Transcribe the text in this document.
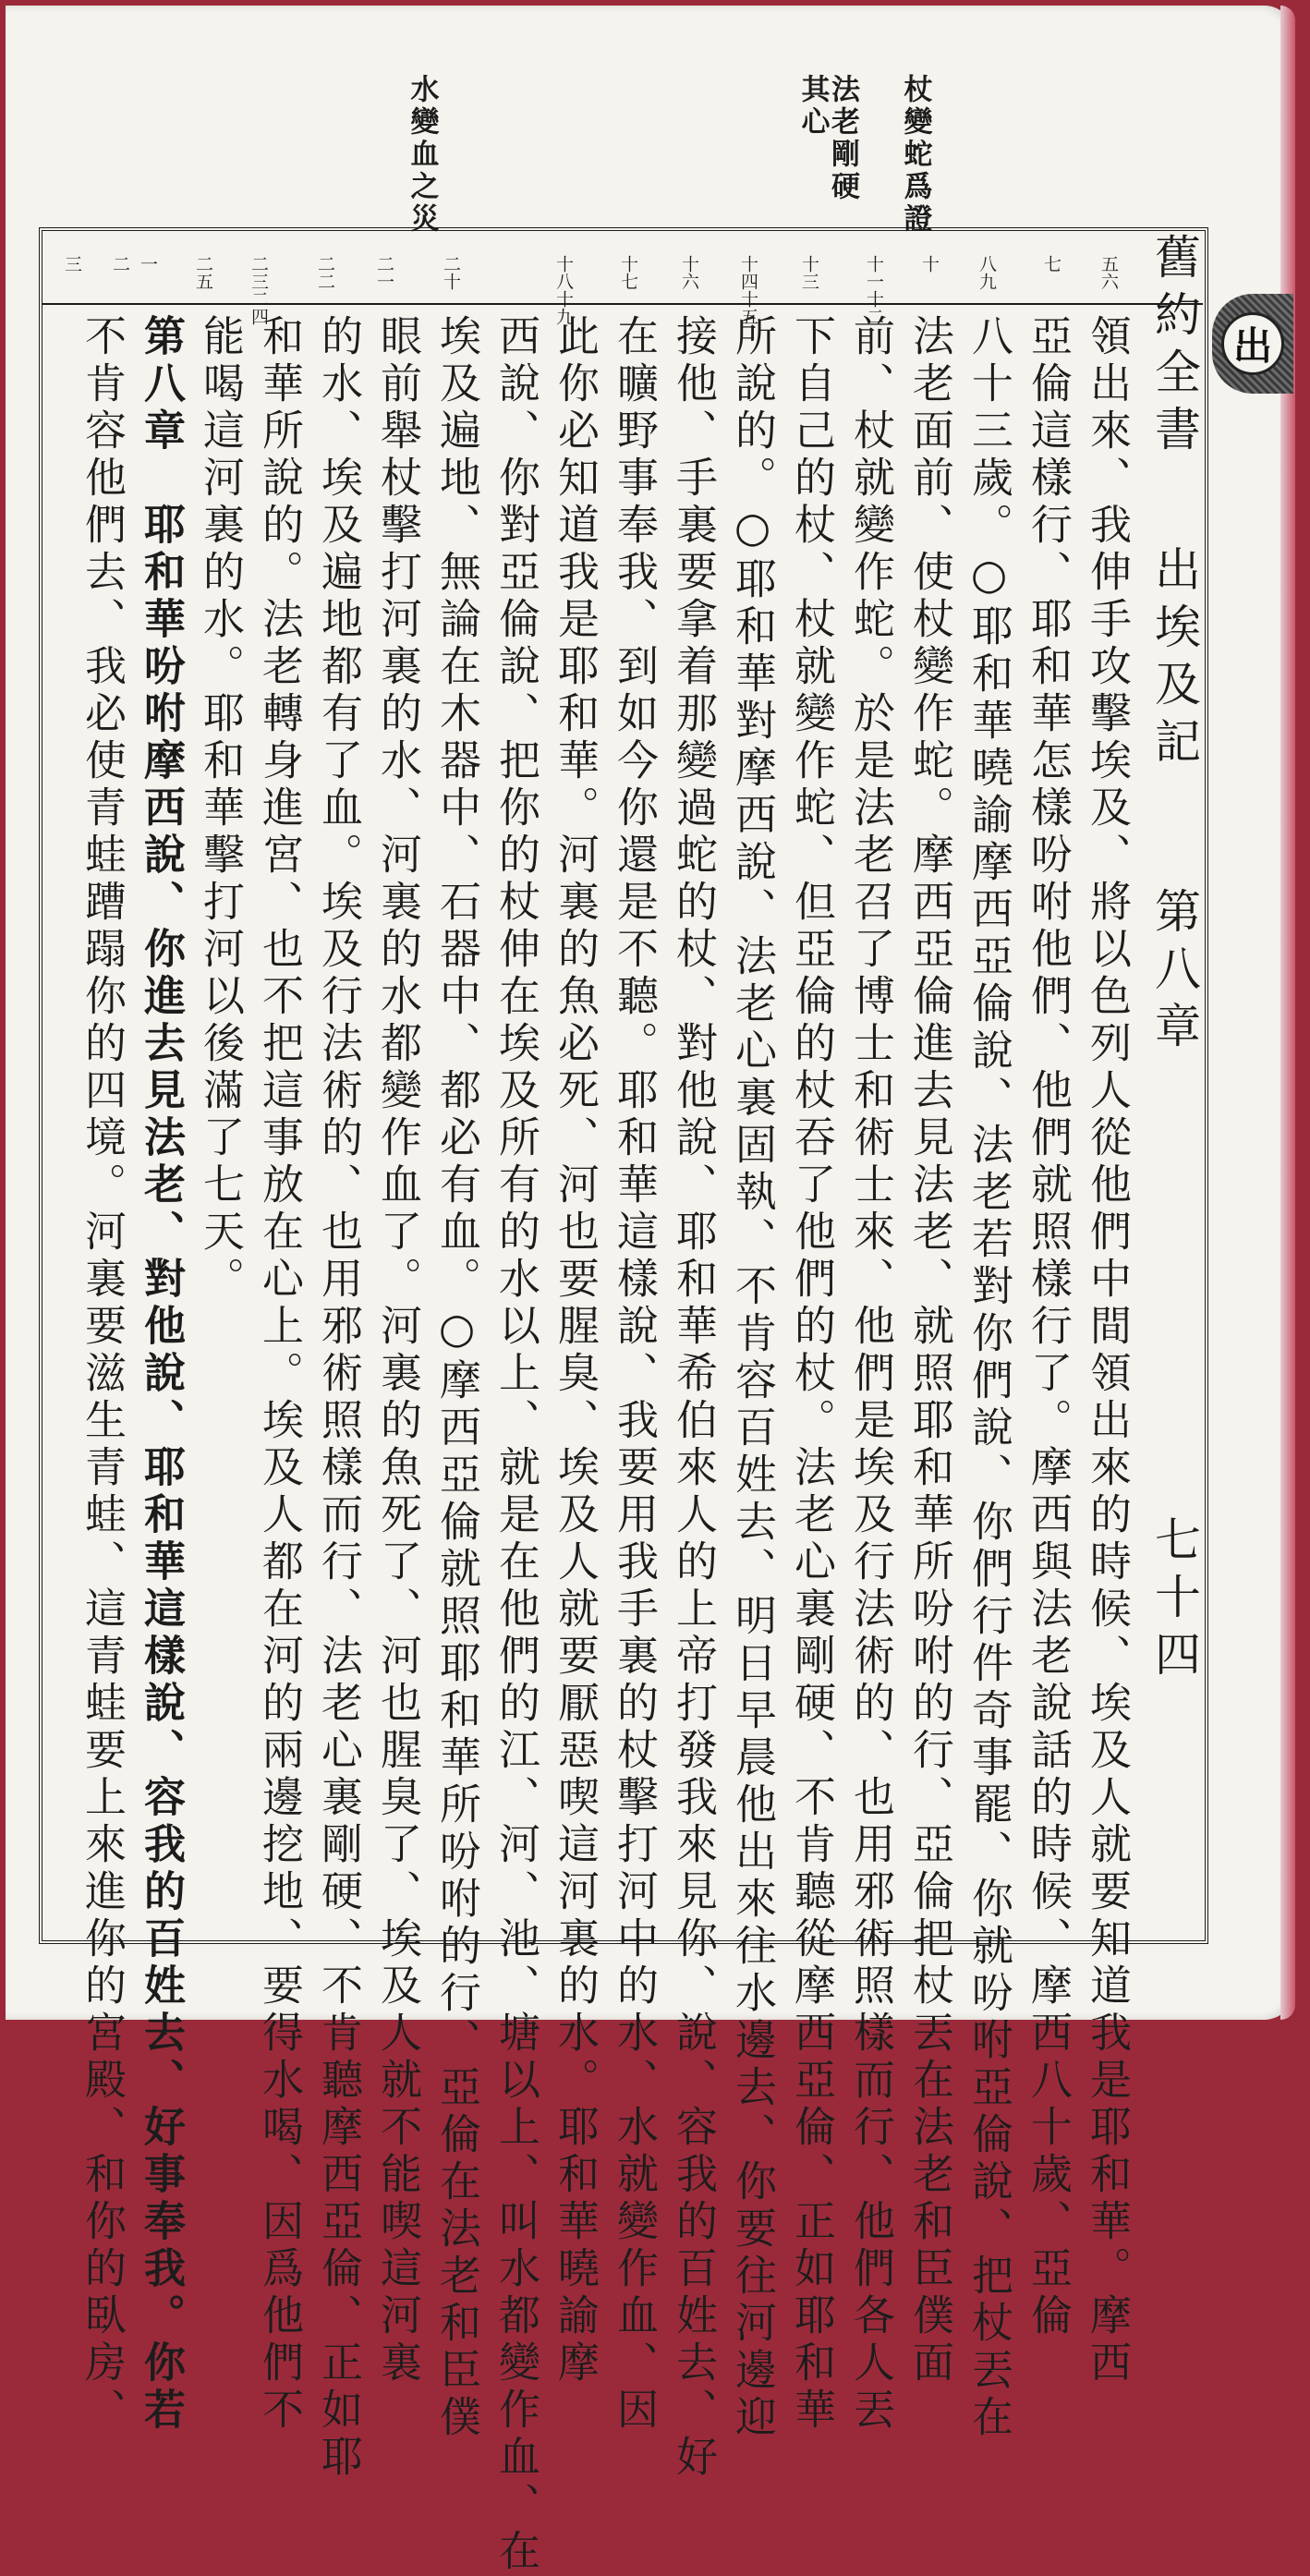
舊約全書
出埃及記
第八章
七十四
出
杖變蛇爲證
法老剛硬其心
水變血之災
五六
七
八九
十
十一十二
十三
十四十五
十六
十七
十八十九
二十
二一
二二
二三二四
二五
一
二
三
領出來、我伸手攻擊埃及、將以色列人從他們中間領出來的時候、埃及人就要知道我是耶和華。摩西
亞倫這樣行、耶和華怎樣吩咐他們、他們就照樣行了。摩西與法老說話的時候、摩西八十歲、亞倫
八十三歲。○耶和華曉諭摩西亞倫說、法老若對你們說、你們行件奇事罷、你就吩咐亞倫說、把杖丟在
法老面前、使杖變作蛇。摩西亞倫進去見法老、就照耶和華所吩咐的行、亞倫把杖丟在法老和臣僕面
前、杖就變作蛇。於是法老召了博士和術士來、他們是埃及行法術的、也用邪術照樣而行、他們各人丟
下自己的杖、杖就變作蛇、但亞倫的杖吞了他們的杖。法老心裏剛硬、不肯聽從摩西亞倫、正如耶和華
所說的。○耶和華對摩西說、法老心裏固執、不肯容百姓去、明日早晨他出來往水邊去、你要往河邊迎
接他、手裏要拿着那變過蛇的杖、對他說、耶和華希伯來人的上帝打發我來見你、說、容我的百姓去、好
在曠野事奉我、到如今你還是不聽。耶和華這樣說、我要用我手裏的杖擊打河中的水、水就變作血、因
此你必知道我是耶和華。河裏的魚必死、河也要腥臭、埃及人就要厭惡喫這河裏的水。耶和華曉諭摩
西說、你對亞倫說、把你的杖伸在埃及所有的水以上、就是在他們的江、河、池、塘以上、叫水都變作血、在
埃及遍地、無論在木器中、石器中、都必有血。○摩西亞倫就照耶和華所吩咐的行、亞倫在法老和臣僕
眼前舉杖擊打河裏的水、河裏的水都變作血了。河裏的魚死了、河也腥臭了、埃及人就不能喫這河裏
的水、埃及遍地都有了血。埃及行法術的、也用邪術照樣而行、法老心裏剛硬、不肯聽摩西亞倫、正如耶
和華所說的。法老轉身進宮、也不把這事放在心上。埃及人都在河的兩邊挖地、要得水喝、因爲他們不
能喝這河裏的水。耶和華擊打河以後滿了七天。
第八章　耶和華吩咐摩西說、你進去見法老、對他說、耶和華這樣說、容我的百姓去、好事奉我。你若
不肯容他們去、我必使青蛙蹧蹋你的四境。河裏要滋生青蛙、這青蛙要上來進你的宮殿、和你的臥房、
